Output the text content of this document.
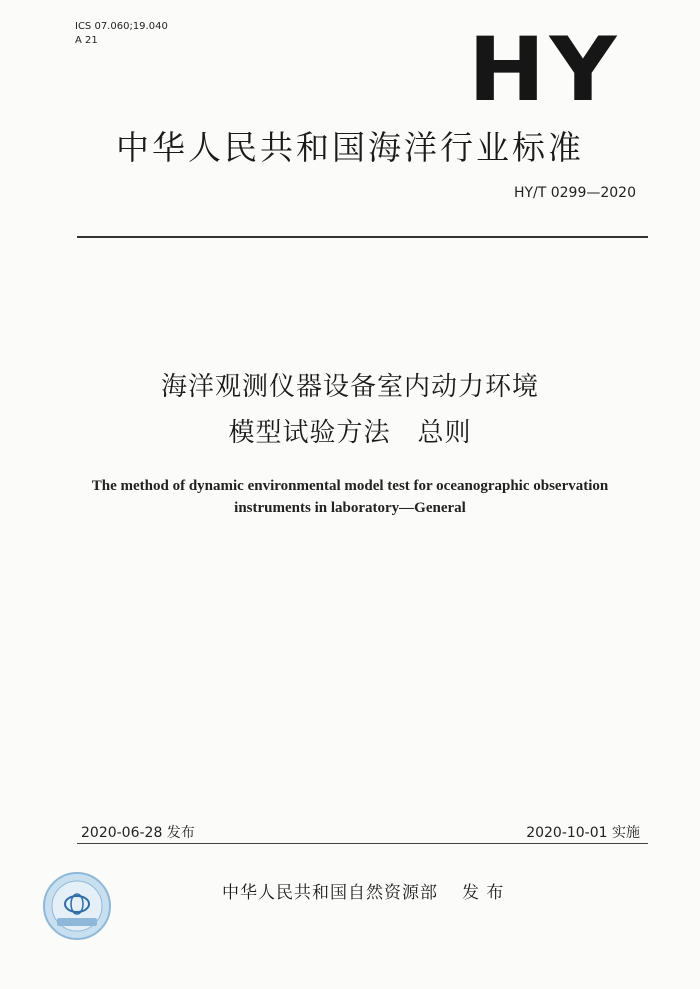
ICS 07.060;19.040
A 21	HY
中华人民共和国海洋行业标准
HY/T 0299—2020
海洋观测仪器设备室内动力环境
模型试验方法　总则
The method of dynamic environmental model test for oceanographic observation
instruments in laboratory—General
2020-06-28 发布	2020-10-01 实施
中华人民共和国自然资源部 发 布
